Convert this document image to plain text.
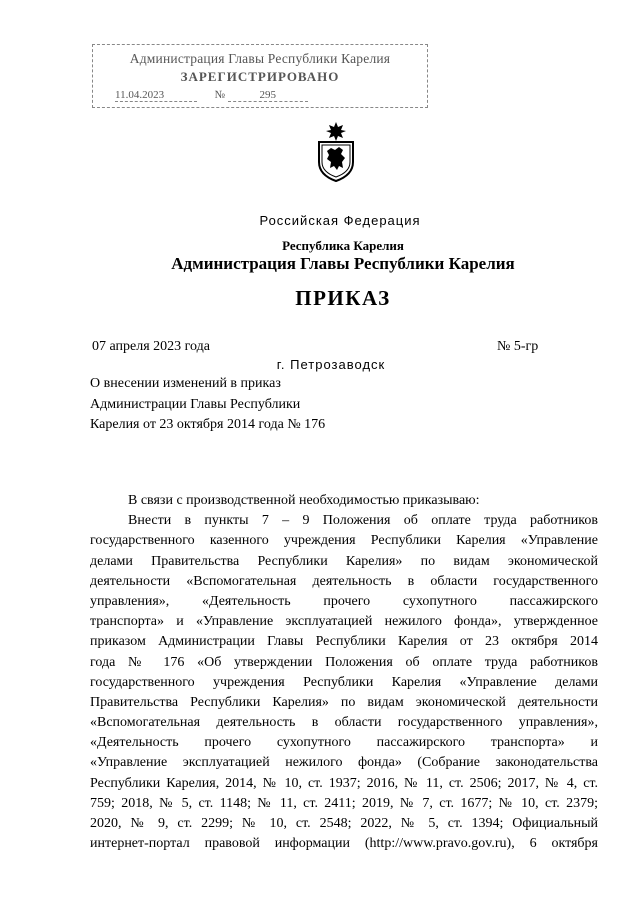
Администрация Главы Республики Карелия
ЗАРЕГИСТРИРОВАНО
11.04.2023	№	295
Российская Федерация
Республика Карелия
Администрация Главы Республики Карелия
ПРИКАЗ
07 апреля 2023 года	№ 5-гр
г. Петрозаводск
О внесении изменений в приказ
Администрации Главы Республики
Карелия от 23 октября 2014 года № 176
В связи с производственной необходимостью приказываю:
Внести в пункты 7 – 9 Положения об оплате труда работников
государственного казенного учреждения Республики Карелия «Управление
делами Правительства Республики Карелия» по видам экономической
деятельности «Вспомогательная деятельность в области государственного
управления», «Деятельность прочего сухопутного пассажирского
транспорта» и «Управление эксплуатацией нежилого фонда», утвержденное
приказом Администрации Главы Республики Карелия от 23 октября 2014
года № 176 «Об утверждении Положения об оплате труда работников
государственного учреждения Республики Карелия «Управление делами
Правительства Республики Карелия» по видам экономической деятельности
«Вспомогательная деятельность в области государственного управления»,
«Деятельность прочего сухопутного пассажирского транспорта» и
«Управление эксплуатацией нежилого фонда» (Собрание законодательства
Республики Карелия, 2014, № 10, ст. 1937; 2016, № 11, ст. 2506; 2017, № 4, ст.
759; 2018, № 5, ст. 1148; № 11, ст. 2411; 2019, № 7, ст. 1677; № 10, ст. 2379;
2020, № 9, ст. 2299; № 10, ст. 2548; 2022, № 5, ст. 1394; Официальный
интернет-портал правовой информации (http://www.pravo.gov.ru), 6 октября
